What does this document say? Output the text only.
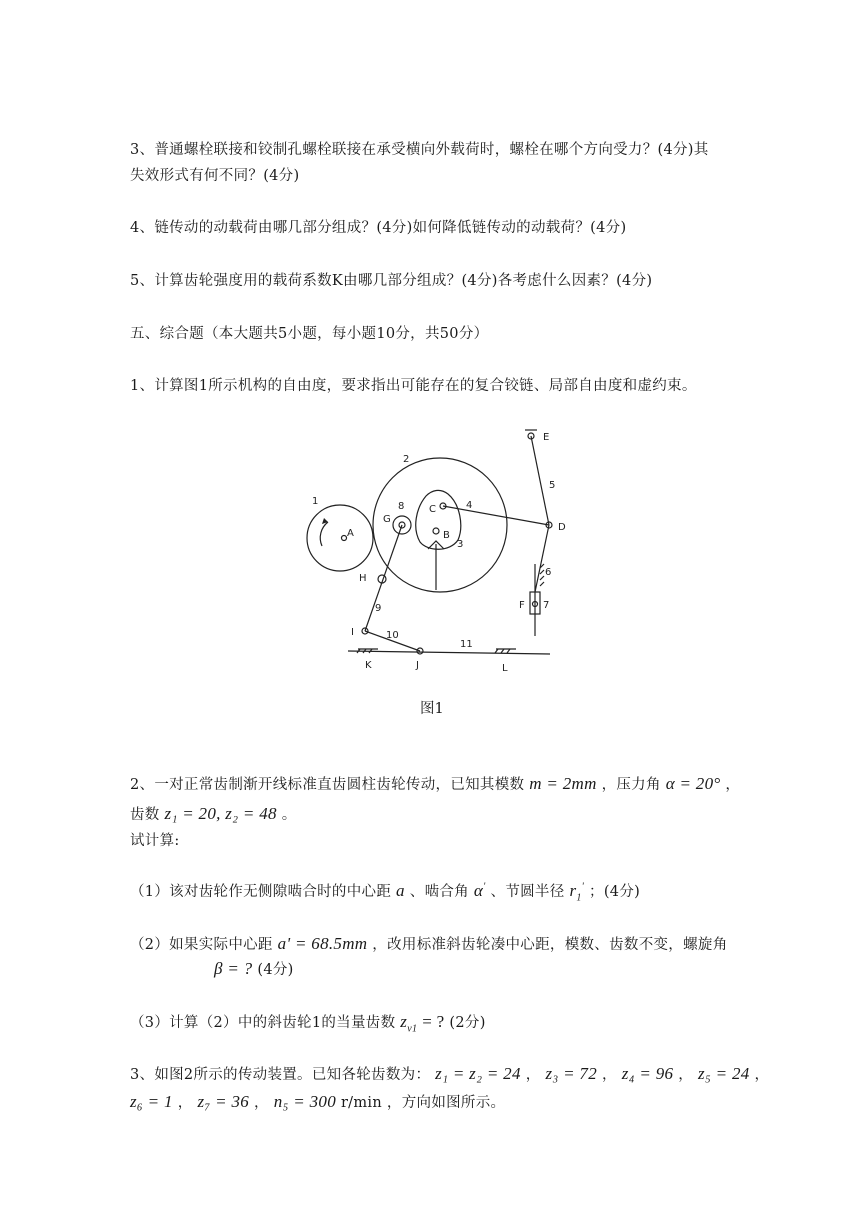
3、普通螺栓联接和铰制孔螺栓联接在承受横向外载荷时，螺栓在哪个方向受力？(4分)其
失效形式有何不同？(4分)
4、链传动的动载荷由哪几部分组成？(4分)如何降低链传动的动载荷？(4分)
5、计算齿轮强度用的载荷系数K由哪几部分组成？(4分)各考虑什么因素？(4分)
五、综合题（本大题共5小题，每小题10分，共50分）
1、计算图1所示机构的自由度，要求指出可能存在的复合铰链、局部自由度和虚约束。
1
2
3
4
5
6
7
8
9
10
11
A	B
C
D
E
F
G
H
I
J
K	L
图1
2、一对正常齿制渐开线标准直齿圆柱齿轮传动，已知其模数 m = 2mm ，压力角 α = 20° ，
齿数 z₁ = 20, z₂ = 48 。
试计算:
（1）该对齿轮作无侧隙啮合时的中心距 a 、啮合角 α' 、节圆半径 $r_1'$ ；(4分)
（2）如果实际中心距 a' = 68.5mm ，改用标准斜齿轮凑中心距，模数、齿数不变，螺旋角
β = ? (4分)
（3）计算（2）中的斜齿轮1的当量齿数 $z_{v1}$ = ? (2分)
3、如图2所示的传动装置。已知各轮齿数为： z₁ = z₂ = 24 ， z₃ = 72 ， z₄ = 96 ， z₅ = 24 ，
z₆ = 1 ， z₇ = 36 ， n₅ = 300 r/min ，方向如图所示。
